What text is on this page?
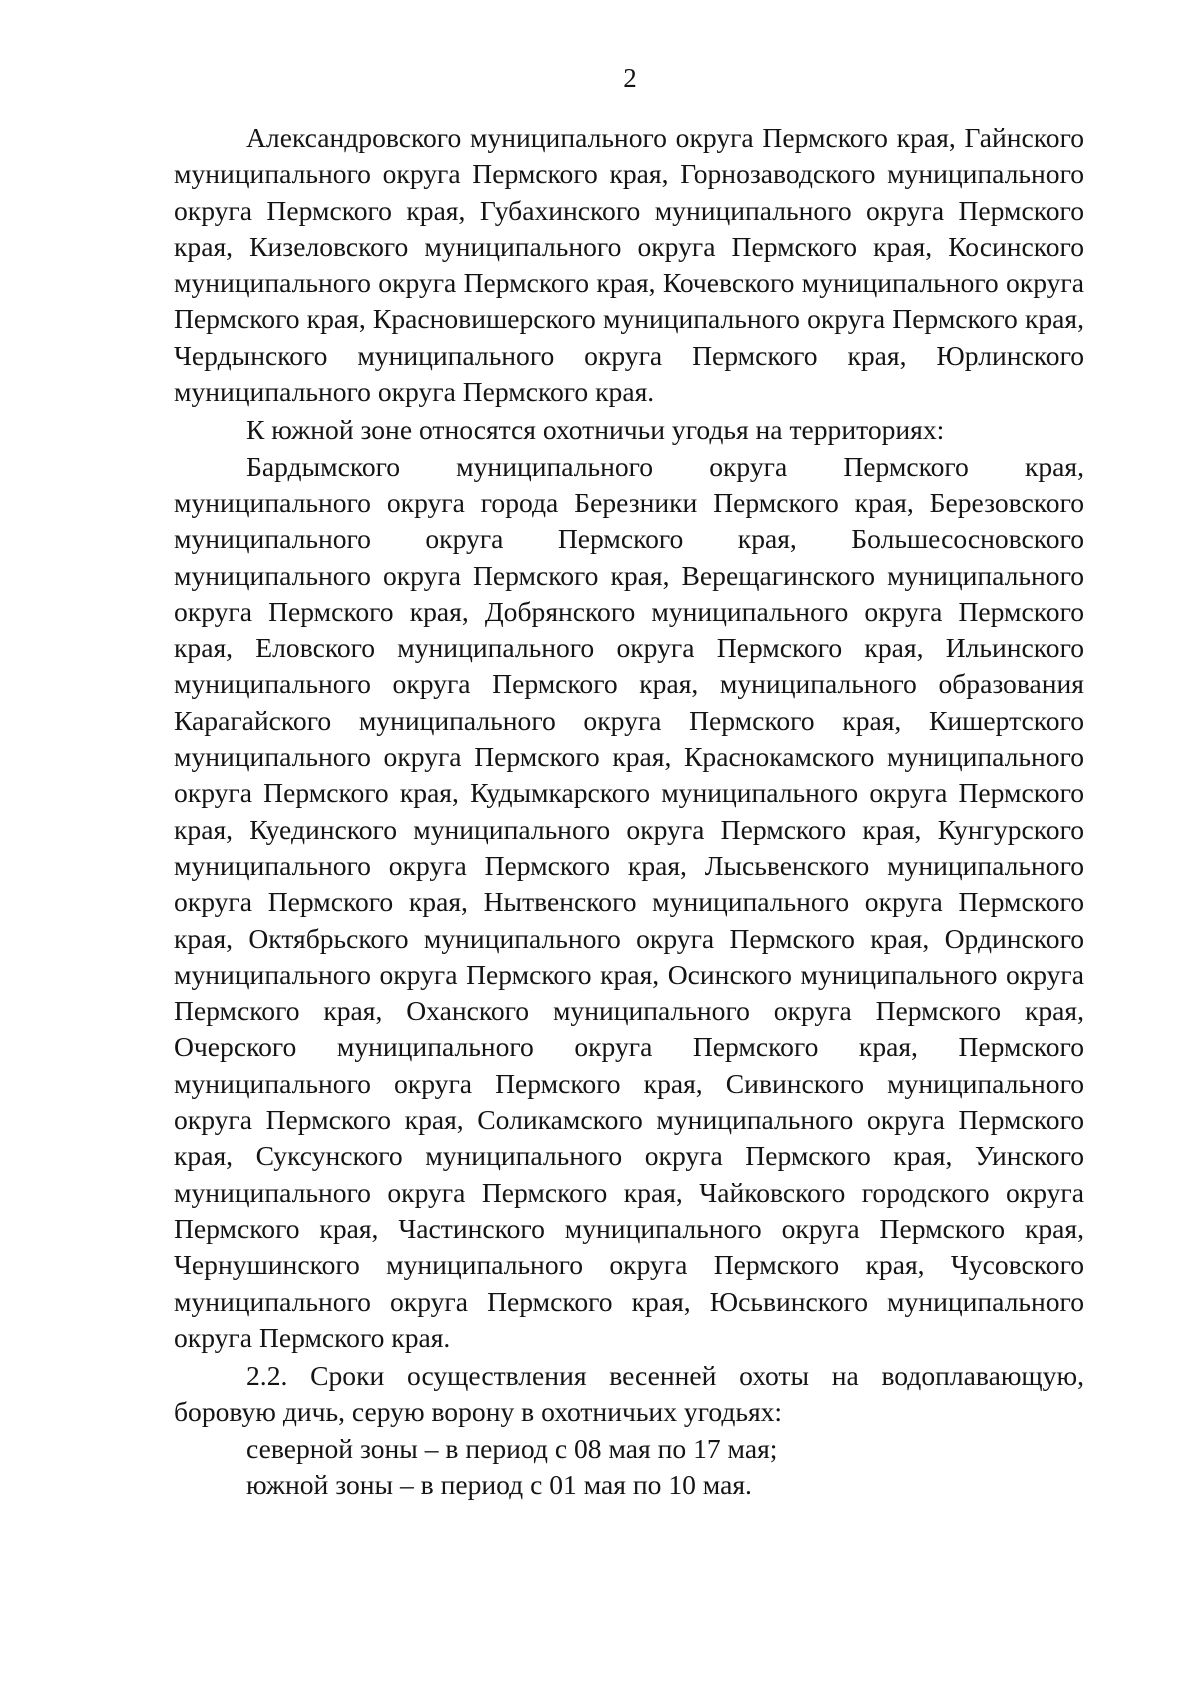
2

Александровского муниципального округа Пермского края, Гайнского муниципального округа Пермского края, Горнозаводского муниципального округа Пермского края, Губахинского муниципального округа Пермского края, Кизеловского муниципального округа Пермского края, Косинского муниципального округа Пермского края, Кочевского муниципального округа Пермского края, Красновишерского муниципального округа Пермского края, Чердынского муниципального округа Пермского края, Юрлинского муниципального округа Пермского края.

К южной зоне относятся охотничьи угодья на территориях:

Бардымского муниципального округа Пермского края, муниципального округа города Березники Пермского края, Березовского муниципального округа Пермского края, Большесосновского муниципального округа Пермского края, Верещагинского муниципального округа Пермского края, Добрянского муниципального округа Пермского края, Еловского муниципального округа Пермского края, Ильинского муниципального округа Пермского края, муниципального образования Карагайского муниципального округа Пермского края, Кишертского муниципального округа Пермского края, Краснокамского муниципального округа Пермского края, Кудымкарского муниципального округа Пермского края, Куединского муниципального округа Пермского края, Кунгурского муниципального округа Пермского края, Лысьвенского муниципального округа Пермского края, Нытвенского муниципального округа Пермского края, Октябрьского муниципального округа Пермского края, Ординского муниципального округа Пермского края, Осинского муниципального округа Пермского края, Оханского муниципального округа Пермского края, Очерского муниципального округа Пермского края, Пермского муниципального округа Пермского края, Сивинского муниципального округа Пермского края, Соликамского муниципального округа Пермского края, Суксунского муниципального округа Пермского края, Уинского муниципального округа Пермского края, Чайковского городского округа Пермского края, Частинского муниципального округа Пермского края, Чернушинского муниципального округа Пермского края, Чусовского муниципального округа Пермского края, Юсьвинского муниципального округа Пермского края.

2.2. Сроки осуществления весенней охоты на водоплавающую, боровую дичь, серую ворону в охотничьих угодьях:

северной зоны – в период с 08 мая по 17 мая;

южной зоны – в период с 01 мая по 10 мая.
